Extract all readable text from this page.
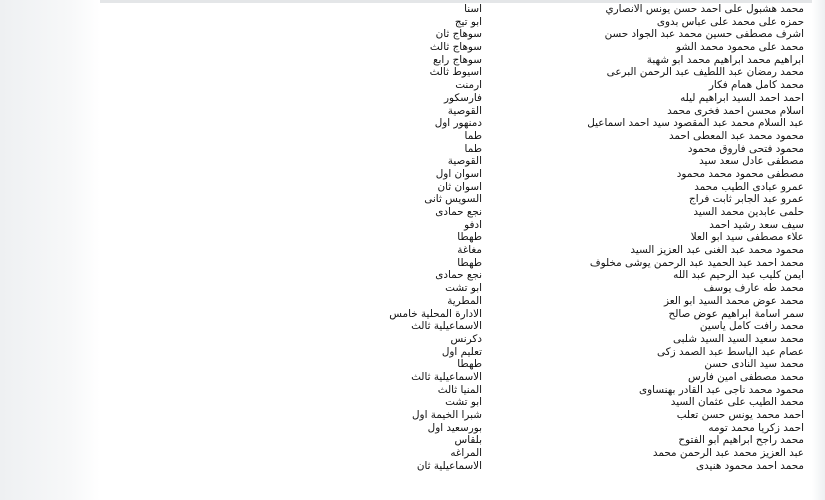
محمد هشبول على احمد حسن يونس الانصاري
اسنا
حمزه على محمد على عباس بدوى
ابو تيج
اشرف مصطفى حسين محمد عبد الجواد حسن
سوهاج ثان
محمد على محمود محمد الشو
سوهاج ثالث
ابراهيم محمد ابراهيم محمد ابو شهبة
سوهاج رابع
محمد رمضان عبد اللطيف عبد الرحمن البرعى
اسيوط ثالث
محمد كامل همام فكار
ارمنت
احمد احمد السيد ابراهيم ليله
فارسكور
اسلام محسن احمد فخرى محمد
القوصية
عبد السلام محمد عبد المقصود سيد احمد اسماعيل
دمنهور اول
محمود محمد عبد المعطى احمد
طما
محمود فتحى فاروق محمود
طما
مصطفى عادل سعد سيد
القوصية
مصطفى محمود محمد محمود
اسوان اول
عمرو عبادى الطيب محمد
اسوان ثان
عمرو عبد الجابر ثابت فراج
السويس ثانى
حلمى عابدين محمد السيد
نجع حمادى
سيف سعد رشيد احمد
ادفو
علاء مصطفى سيد ابو العلا
طهطا
محمود محمد عبد الغنى عبد العزيز السيد
مغاغة
محمد احمد عبد الحميد عبد الرحمن يوشى مخلوف
طهطا
ايمن كليب عبد الرحيم عبد الله
نجع حمادى
محمد طه عارف يوسف
ابو تشت
محمد عوض محمد السيد ابو العز
المطرية
سمر اسامة ابراهيم عوض صالح
الادارة المحلية خامس
محمد رافت كامل ياسين
الاسماعيلية ثالث
محمد سعيد السيد السيد شلبى
دكرنس
عصام عبد الباسط عبد الصمد زكى
تعليم اول
محمد سيد النادى حسن
طهطا
محمد مصطفى امين فارس
الاسماعيلية ثالث
محمود محمد ناجى عبد القادر بهنساوى
المنيا ثالث
محمد الطيب على عثمان السيد
ابو تشت
احمد محمد يونس حسن تعلب
شبرا الخيمة اول
احمد زكريا محمد تومه
بورسعيد اول
محمد راجح ابراهيم ابو الفتوح
بلقاس
عبد العزيز محمد عبد الرحمن محمد
المراغه
محمد احمد محمود هنيدى
الاسماعيلية ثان
